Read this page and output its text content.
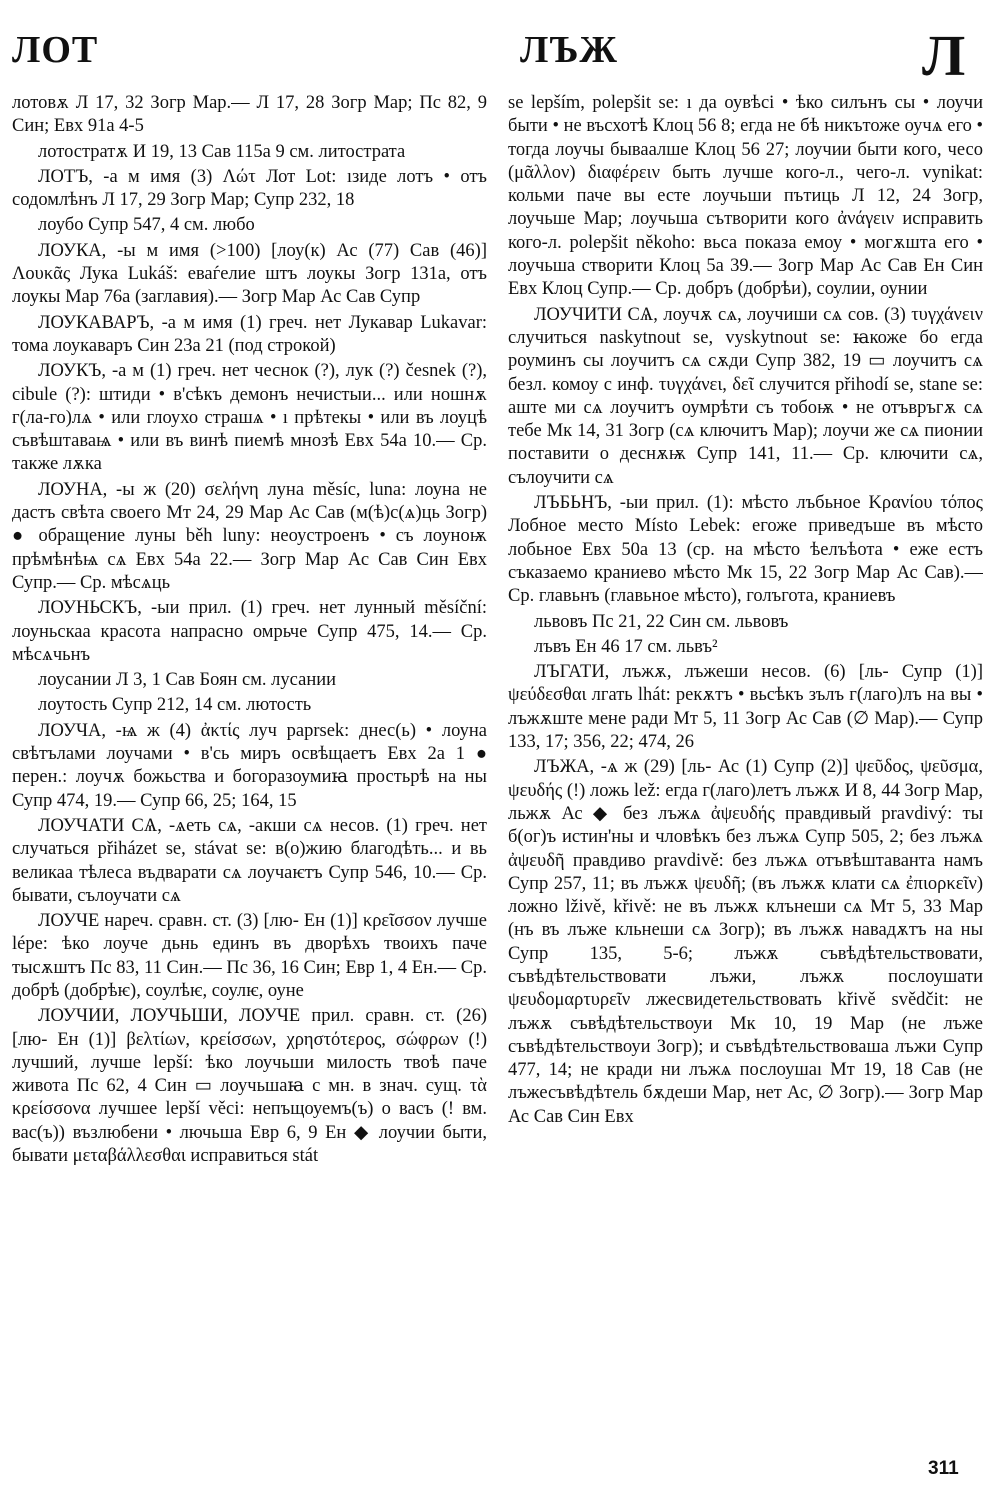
ЛОТ	ЛЪЖ	Л

лотовѫ Л 17, 32 Зогр Мар.— Л 17, 28 Зогр Мар; Пс 82, 9 Син; Евх 91а 4-5

лотостратѫ И 19, 13 Сав 115а 9 см. литострата

ЛОТЪ, -а м имя (3) Λώτ Лот Lot: ıзиде лотъ • отъ содомлѣнъ Л 17, 29 Зогр Мар; Супр 232, 18

лоубо Супр 547, 4 см. любо

ЛОУКА, -ы м имя (>100) [лоу(к) Ас (77) Сав (46)] Λουκᾶς Лука Lukáš: еваѓелие штъ лоукы Зогр 131а, отъ лоукы Мар 76а (заглавия).— Зогр Мар Ас Сав Супр

ЛОУКАВАРЪ, -а м имя (1) греч. нет Лукавар Lukavar: тома лоукаваръ Син 23а 21 (под строкой)

ЛОУКЪ, -а м (1) греч. нет чеснок (?), лук (?) česnek (?), cibule (?): штиди • в'сѣкъ демонъ нечистыи... или ношнѫ г(ла-го)лѧ • или глоухо страшѧ • ı прѣтекы • или въ лоуцѣ съвѣштаваѩ • или въ винѣ пиемѣ мнозѣ Евх 54а 10.— Ср. также лѫка

ЛОУНА, -ы ж (20) σελήνη луна měsíc, luna: лоуна не дастъ свѣта своего Мт 24, 29 Мар Ас Сав (м(ѣ)с(ѧ)ць Зогр) ● обращение луны běh luny: неоустроенъ • съ лоуноѭ прѣмѣнѣѩ сѧ Евх 54а 22.— Зогр Мар Ас Сав Син Евх Супр.— Ср. мѣсѧць

ЛОУНЬСКЪ, -ыи прил. (1) греч. нет лунный měsíční: лоуньскаа красота напрасно омрьче Супр 475, 14.— Ср. мѣсѧчьнъ

лоусании Л 3, 1 Сав Боян см. лусании

лоутость Супр 212, 14 см. лютость

ЛОУЧА, -ѩ ж (4) ἀκτίς луч paprsek: днес(ь) • лоуна свѣтълами лоучами • в'сь миръ освѣщаетъ Евх 2а 1 ● перен.: лоучѫ божьства и богоразоумиꙗ простьрѣ на ны Супр 474, 19.— Супр 66, 25; 164, 15

ЛОУЧАТИ СѦ, -ѧеть сѧ, -акши сѧ несов. (1) греч. нет случаться přiházet se, stávat se: в(о)жию благодѣть... и вь великаа тѣлеса въдварати сѧ лоучаѥтъ Супр 546, 10.— Ср. бывати, сълоучати сѧ

ЛОУЧЕ нареч. сравн. ст. (3) [лю- Ен (1)] κρεῖσσον лучше lépe: ѣко лоуче дьнь единъ въ дворѣхъ твоихъ паче тысѫштъ Пс 83, 11 Син.— Пс 36, 16 Син; Евр 1, 4 Ен.— Ср. добрѣ (добрѣѥ), соулѣѥ, соулѥ, оуне

ЛОУЧИИ, ЛОУЧЬШИ, ЛОУЧЕ прил. сравн. ст. (26) [лю- Ен (1)] βελτίων, κρείσσων, χρηστότερος, σώφρων (!) лучший, лучше lepší: ѣко лоучьши милость твоѣ паче живота Пс 62, 4 Син ▭ лоучьшаꙗ с мн. в знач. сущ. τὰ κρείσσονα лучшее lepší věci: непъщоуемъ(ъ) о васъ (! вм. вас(ъ)) възлюбени • лючьша Евр 6, 9 Ен ◆ лоучии быти, бывати μεταβάλλεσθαι исправиться stát

se lepším, polepšit se: ı да оувѣсі • ѣко силънъ сы • лоучи быти • не въсхотѣ Клоц 56 8; егда не бѣ никътоже оучѧ его • тогда лоучы бываалше Клоц 56 27; лоучии быти кого, чесо (μᾶλλον) διαφέρειν быть лучше кого-л., чего-л. vynikat: кольми паче вы есте лоучьши пътиць Л 12, 24 Зогр, лоучьше Мар; лоучьша сътворити кого ἀνάγειν исправить кого-л. polepšit někoho: вьса показа емоу • могѫшта его • лоучьша створити Клоц 5а 39.— Зогр Мар Ас Сав Ен Син Евх Клоц Супр.— Ср. добръ (добрѣи), соулии, оунии

ЛОУЧИТИ СѦ, лоучѫ сѧ, лоучиши сѧ сов. (3) τυγχάνειν случиться naskytnout se, vyskytnout se: ꙗкоже бо егда роуминъ сы лоучитъ сѧ сѫди Супр 382, 19 ▭ лоучитъ сѧ безл. комоу с инф. τυγχάνει, δεῖ случится přihodí se, stane se: аште ми сѧ лоучитъ оумрѣти съ тобоѭ • не отъвръгѫ сѧ тебе Мк 14, 31 Зогр (сѧ ключитъ Мар); лоучи же сѧ пионии поставити о деснѫѭ Супр 141, 11.— Ср. ключити сѧ, сълоучити сѧ

ЛЪБЬНЪ, -ыи прил. (1): мѣсто лъбьное Κρανίου τόπος Лобное место Místo Lebek: егоже приведъше въ мѣсто лобьное Евх 50а 13 (ср. на мѣсто ѣелъѣота • еже естъ съказаемо краниево мѣсто Мк 15, 22 Зогр Мар Ас Сав).— Ср. главьнъ (главьное мѣсто), голъгота, краниевъ

львовъ Пс 21, 22 Син см. львовъ

лъвъ Ен 46 17 см. львъ²

ЛЪГАТИ, лъжѫ, лъжеши несов. (6) [ль- Супр (1)] ψεύδεσθαι лгать lhát: рекѫтъ • вьсѣкъ зълъ г(лаго)лъ на вы • лъжѫште мене ради Мт 5, 11 Зогр Ас Сав (∅ Мар).— Супр 133, 17; 356, 22; 474, 26

ЛЪЖА, -ѧ ж (29) [ль- Ас (1) Супр (2)] ψεῦδος, ψεῦσμα, ψευδής (!) ложь lež: егда г(лаго)летъ лъжѫ И 8, 44 Зогр Мар, льжѫ Ас ◆ без лъжѧ ἀψευδής правдивый pravdivý: ты б(ог)ъ истин'ны и чловѣкъ без лъжѧ Супр 505, 2; без лъжѧ ἀψευδῆ правдиво pravdivě: без лъжѧ отъвѣштаванта намъ Супр 257, 11; въ лъжѫ ψευδῆ; (въ лъжѫ клати сѧ ἐπιορκεῖν) ложно lživě, křivě: не въ лъжѫ клънеши сѧ Мт 5, 33 Мар (нъ въ лъже кльнеши сѧ Зогр); въ лъжѫ навадѫтъ на ны Супр 135, 5-6; лъжѫ съвѣдѣтельствовати, съвѣдѣтельствовати лъжи, лъжѫ послоушати ψευδομαρτυρεῖν лжесвидетельствовать křivě svědčit: не лъжѫ съвѣдѣтельствоуи Мк 10, 19 Мар (не лъже съвѣдѣтельствоуи Зогр); и съвѣдѣтельствоваша лъжи Супр 477, 14; не кради ни лъжѧ послоушаı Мт 19, 18 Сав (не лъжесъвѣдѣтель бѫдеши Мар, нет Ас, ∅ Зогр).— Зогр Мар Ас Сав Син Евх

311
